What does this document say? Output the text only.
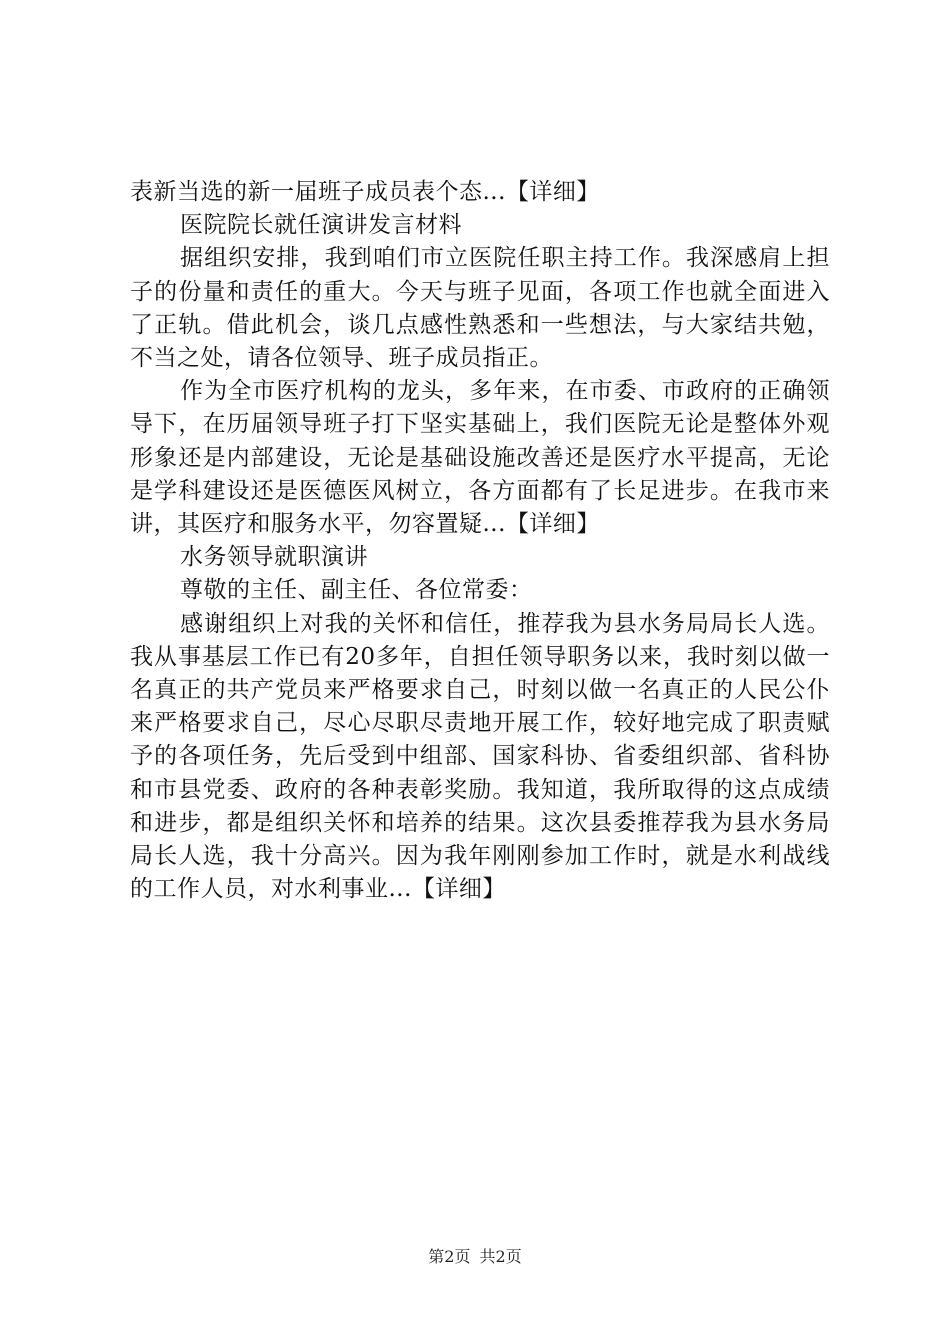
表新当选的新一届班子成员表个态...【详细】

医院院长就任演讲发言材料

据组织安排，我到咱们市立医院任职主持工作。我深感肩上担子的份量和责任的重大。今天与班子见面，各项工作也就全面进入了正轨。借此机会，谈几点感性熟悉和一些想法，与大家结共勉，不当之处，请各位领导、班子成员指正。

作为全市医疗机构的龙头，多年来，在市委、市政府的正确领导下，在历届领导班子打下坚实基础上，我们医院无论是整体外观形象还是内部建设，无论是基础设施改善还是医疗水平提高，无论是学科建设还是医德医风树立，各方面都有了长足进步。在我市来讲，其医疗和服务水平，勿容置疑...【详细】

水务领导就职演讲

尊敬的主任、副主任、各位常委：

感谢组织上对我的关怀和信任，推荐我为县水务局局长人选。我从事基层工作已有20多年，自担任领导职务以来，我时刻以做一名真正的共产党员来严格要求自己，时刻以做一名真正的人民公仆来严格要求自己，尽心尽职尽责地开展工作，较好地完成了职责赋予的各项任务，先后受到中组部、国家科协、省委组织部、省科协和市县党委、政府的各种表彰奖励。我知道，我所取得的这点成绩和进步，都是组织关怀和培养的结果。这次县委推荐我为县水务局局长人选，我十分高兴。因为我年刚刚参加工作时，就是水利战线的工作人员，对水利事业...【详细】

第2页 共2页
